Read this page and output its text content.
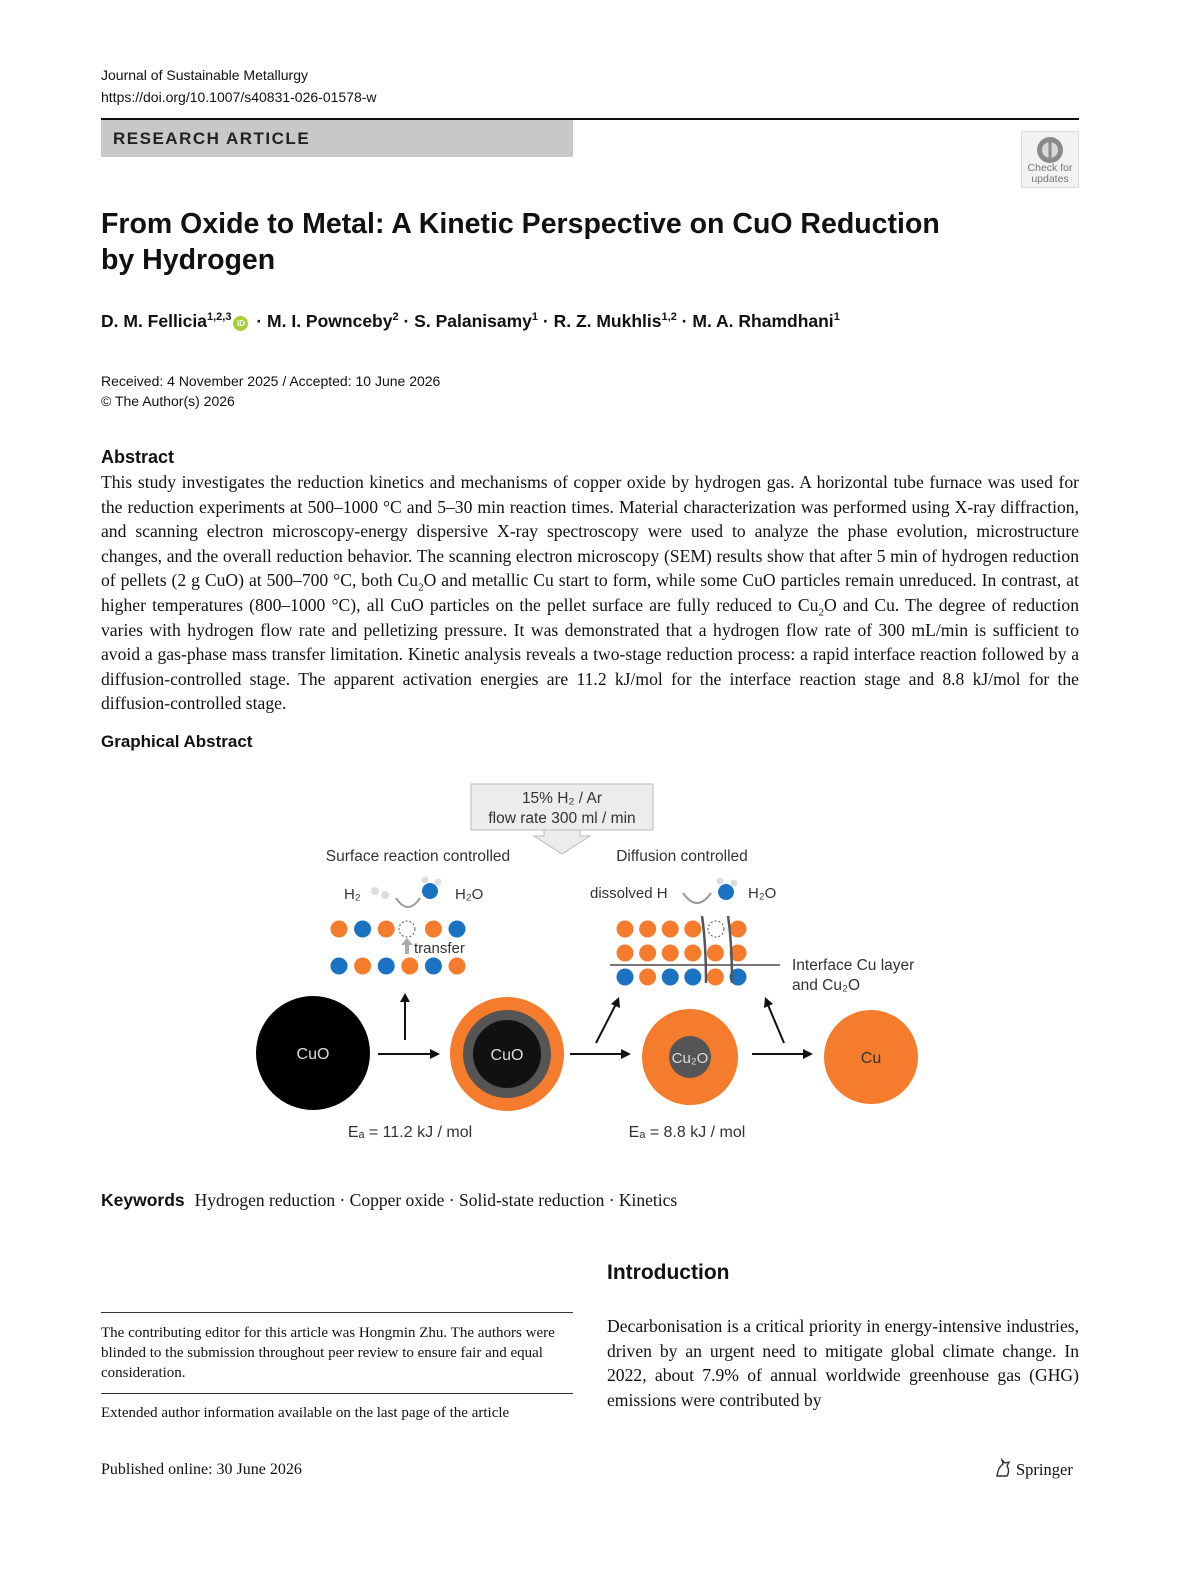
Journal of Sustainable Metallurgy
https://doi.org/10.1007/s40831-026-01578-w
RESEARCH ARTICLE
Check for updates
From Oxide to Metal: A Kinetic Perspective on CuO Reduction by Hydrogen
D. M. Fellicia$^{1,2,3}$iD · M. I. Pownceby$^2$ · S. Palanisamy$^1$ · R. Z. Mukhlis$^{1,2}$ · M. A. Rhamdhani$^1$
Received: 4 November 2025 / Accepted: 10 June 2026
© The Author(s) 2026
Abstract
This study investigates the reduction kinetics and mechanisms of copper oxide by hydrogen gas. A horizontal tube furnace was used for the reduction experiments at 500–1000 °C and 5–30 min reaction times. Material characterization was performed using X-ray diffraction, and scanning electron microscopy-energy dispersive X-ray spectroscopy were used to analyze the phase evolution, microstructure changes, and the overall reduction behavior. The scanning electron microscopy (SEM) results show that after 5 min of hydrogen reduction of pellets (2 g CuO) at 500–700 °C, both $Cu_2O$ and metallic Cu start to form, while some CuO particles remain unreduced. In contrast, at higher temperatures (800–1000 °C), all CuO particles on the pellet surface are fully reduced to $Cu_2O$ and Cu. The degree of reduction varies with hydrogen flow rate and pelletizing pressure. It was demonstrated that a hydrogen flow rate of 300 mL/min is sufficient to avoid a gas-phase mass transfer limitation. Kinetic analysis reveals a two-stage reduction process: a rapid interface reaction followed by a diffusion-controlled stage. The apparent activation energies are 11.2 kJ/mol for the interface reaction stage and 8.8 kJ/mol for the diffusion-controlled stage.
Graphical Abstract
15% H₂ / Ar
flow rate 300 ml / min
Surface reaction controlled	Diffusion controlled
H₂	H₂O
transfer
dissolved H	H₂O
Interface Cu layer
and Cu₂O
CuO	CuO	Cu₂O	Cu
Eₐ = 11.2 kJ / mol	Eₐ = 8.8 kJ / mol
Keywords Hydrogen reduction · Copper oxide · Solid-state reduction · Kinetics
Introduction
Decarbonisation is a critical priority in energy-intensive industries, driven by an urgent need to mitigate global climate change. In 2022, about 7.9% of annual worldwide greenhouse gas (GHG) emissions were contributed by
The contributing editor for this article was Hongmin Zhu. The authors were blinded to the submission throughout peer review to ensure fair and equal consideration.
Extended author information available on the last page of the article
Published online: 30 June 2026	Springer
